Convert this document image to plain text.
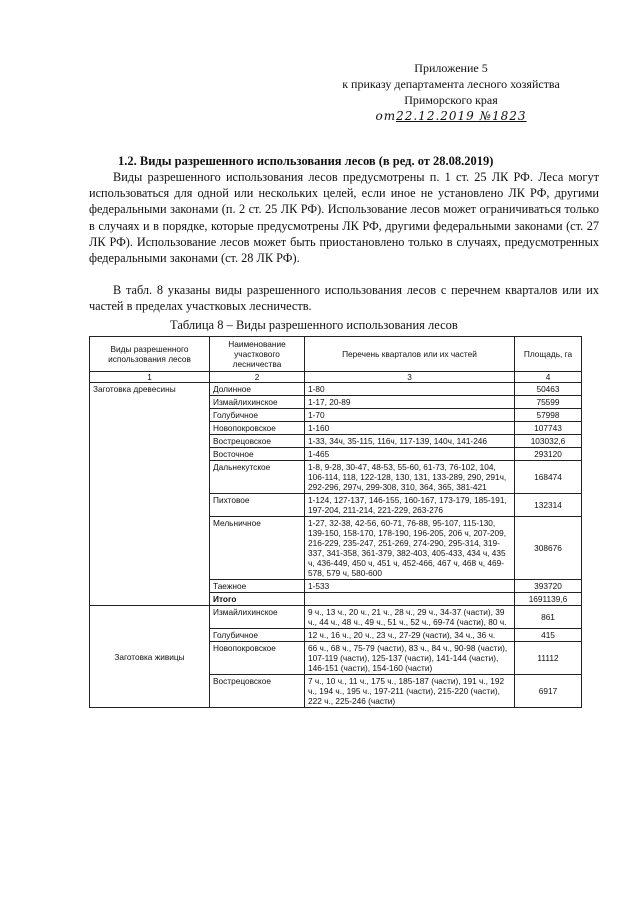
Приложение 5
к приказу департамента лесного хозяйства
Приморского края
от22.12.2019 №1823
1.2. Виды разрешенного использования лесов (в ред. от 28.08.2019)
Виды разрешенного использования лесов предусмотрены п. 1 ст. 25 ЛК РФ. Леса могут использоваться для одной или нескольких целей, если иное не установлено ЛК РФ, другими федеральными законами (п. 2 ст. 25 ЛК РФ). Использование лесов может ограничиваться только в случаях и в порядке, которые предусмотрены ЛК РФ, другими федеральными законами (ст. 27 ЛК РФ). Использование лесов может быть приостановлено только в случаях, предусмотренных федеральными законами (ст. 28 ЛК РФ).
В табл. 8 указаны виды разрешенного использования лесов с перечнем кварталов или их частей в пределах участковых лесничеств.
Таблица 8 – Виды разрешенного использования лесов
Виды разрешенного использования лесов	Наименование участкового лесничества	Перечень кварталов или их частей	Площадь, га
1	2	3	4
Заготовка древесины	Долинное	1-80	50463
	Измайлихинское	1-17, 20-89	75599
	Голубичное	1-70	57998
	Новопокровское	1-160	107743
	Вострецовское	1-33, 34ч, 35-115, 116ч, 117-139, 140ч, 141-246	103032,6
	Восточное	1-465	293120
	Дальнекутское	1-8, 9-28, 30-47, 48-53, 55-60, 61-73, 76-102, 104, 106-114, 118, 122-128, 130, 131, 133-289, 290, 291ч, 292-296, 297ч, 299-308, 310, 364, 365, 381-421	168474
	Пихтовое	1-124, 127-137, 146-155, 160-167, 173-179, 185-191, 197-204, 211-214, 221-229, 263-276	132314
	Мельничное	1-27, 32-38, 42-56, 60-71, 76-88, 95-107, 115-130, 139-150, 158-170, 178-190, 196-205, 206 ч, 207-209, 216-229, 235-247, 251-269, 274-290, 295-314, 319-337, 341-358, 361-379, 382-403, 405-433, 434 ч, 435 ч, 436-449, 450 ч, 451 ч, 452-466, 467 ч, 468 ч, 469-578, 579 ч, 580-600	308676
	Таежное	1-533	393720
	Итого		1691139,6
Заготовка живицы	Измайлихинское	9 ч., 13 ч., 20 ч., 21 ч., 28 ч., 29 ч., 34-37 (части), 39 ч., 44 ч., 48 ч., 49 ч., 51 ч., 52 ч., 69-74 (части), 80 ч.	861
	Голубичное	12 ч., 16 ч., 20 ч., 23 ч., 27-29 (части), 34 ч., 36 ч.	415
	Новопокровское	66 ч., 68 ч., 75-79 (части), 83 ч., 84 ч., 90-98 (части), 107-119 (части), 125-137 (части), 141-144 (части), 146-151 (части), 154-160 (части)	11112
	Вострецовское	7 ч., 10 ч., 11 ч., 175 ч., 185-187 (части), 191 ч., 192 ч., 194 ч., 195 ч., 197-211 (части), 215-220 (части), 222 ч., 225-246 (части)	6917
